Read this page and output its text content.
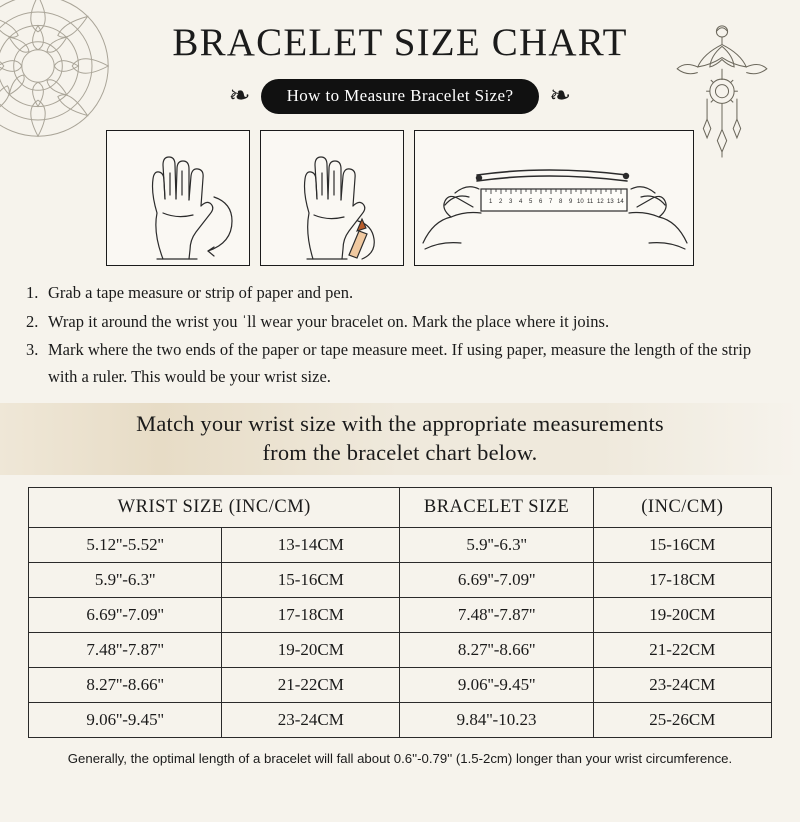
BRACELET SIZE CHART
❧	How to Measure Bracelet Size?	❧
1 2 3 4 5 6 7 8 9 10 11 12 13 14
1. Grab a tape measure or strip of paper and pen.
2. Wrap it around the wrist you ˈll wear your bracelet on. Mark the place where it joins.
3. Mark where the two ends of the paper or tape measure meet. If using paper, measure the length of the strip with a ruler. This would be your wrist size.
Match your wrist size with the appropriate measurements
from the bracelet chart below.
WRIST SIZE (INC/CM)		BRACELET SIZE	(INC/CM)
5.12''-5.52''	13-14CM	5.9''-6.3''	15-16CM
5.9''-6.3''	15-16CM	6.69''-7.09''	17-18CM
6.69''-7.09''	17-18CM	7.48''-7.87''	19-20CM
7.48''-7.87''	19-20CM	8.27''-8.66''	21-22CM
8.27''-8.66''	21-22CM	9.06''-9.45''	23-24CM
9.06''-9.45''	23-24CM	9.84''-10.23	25-26CM
Generally, the optimal length of a bracelet will fall about 0.6''-0.79'' (1.5-2cm) longer than your wrist circumference.
